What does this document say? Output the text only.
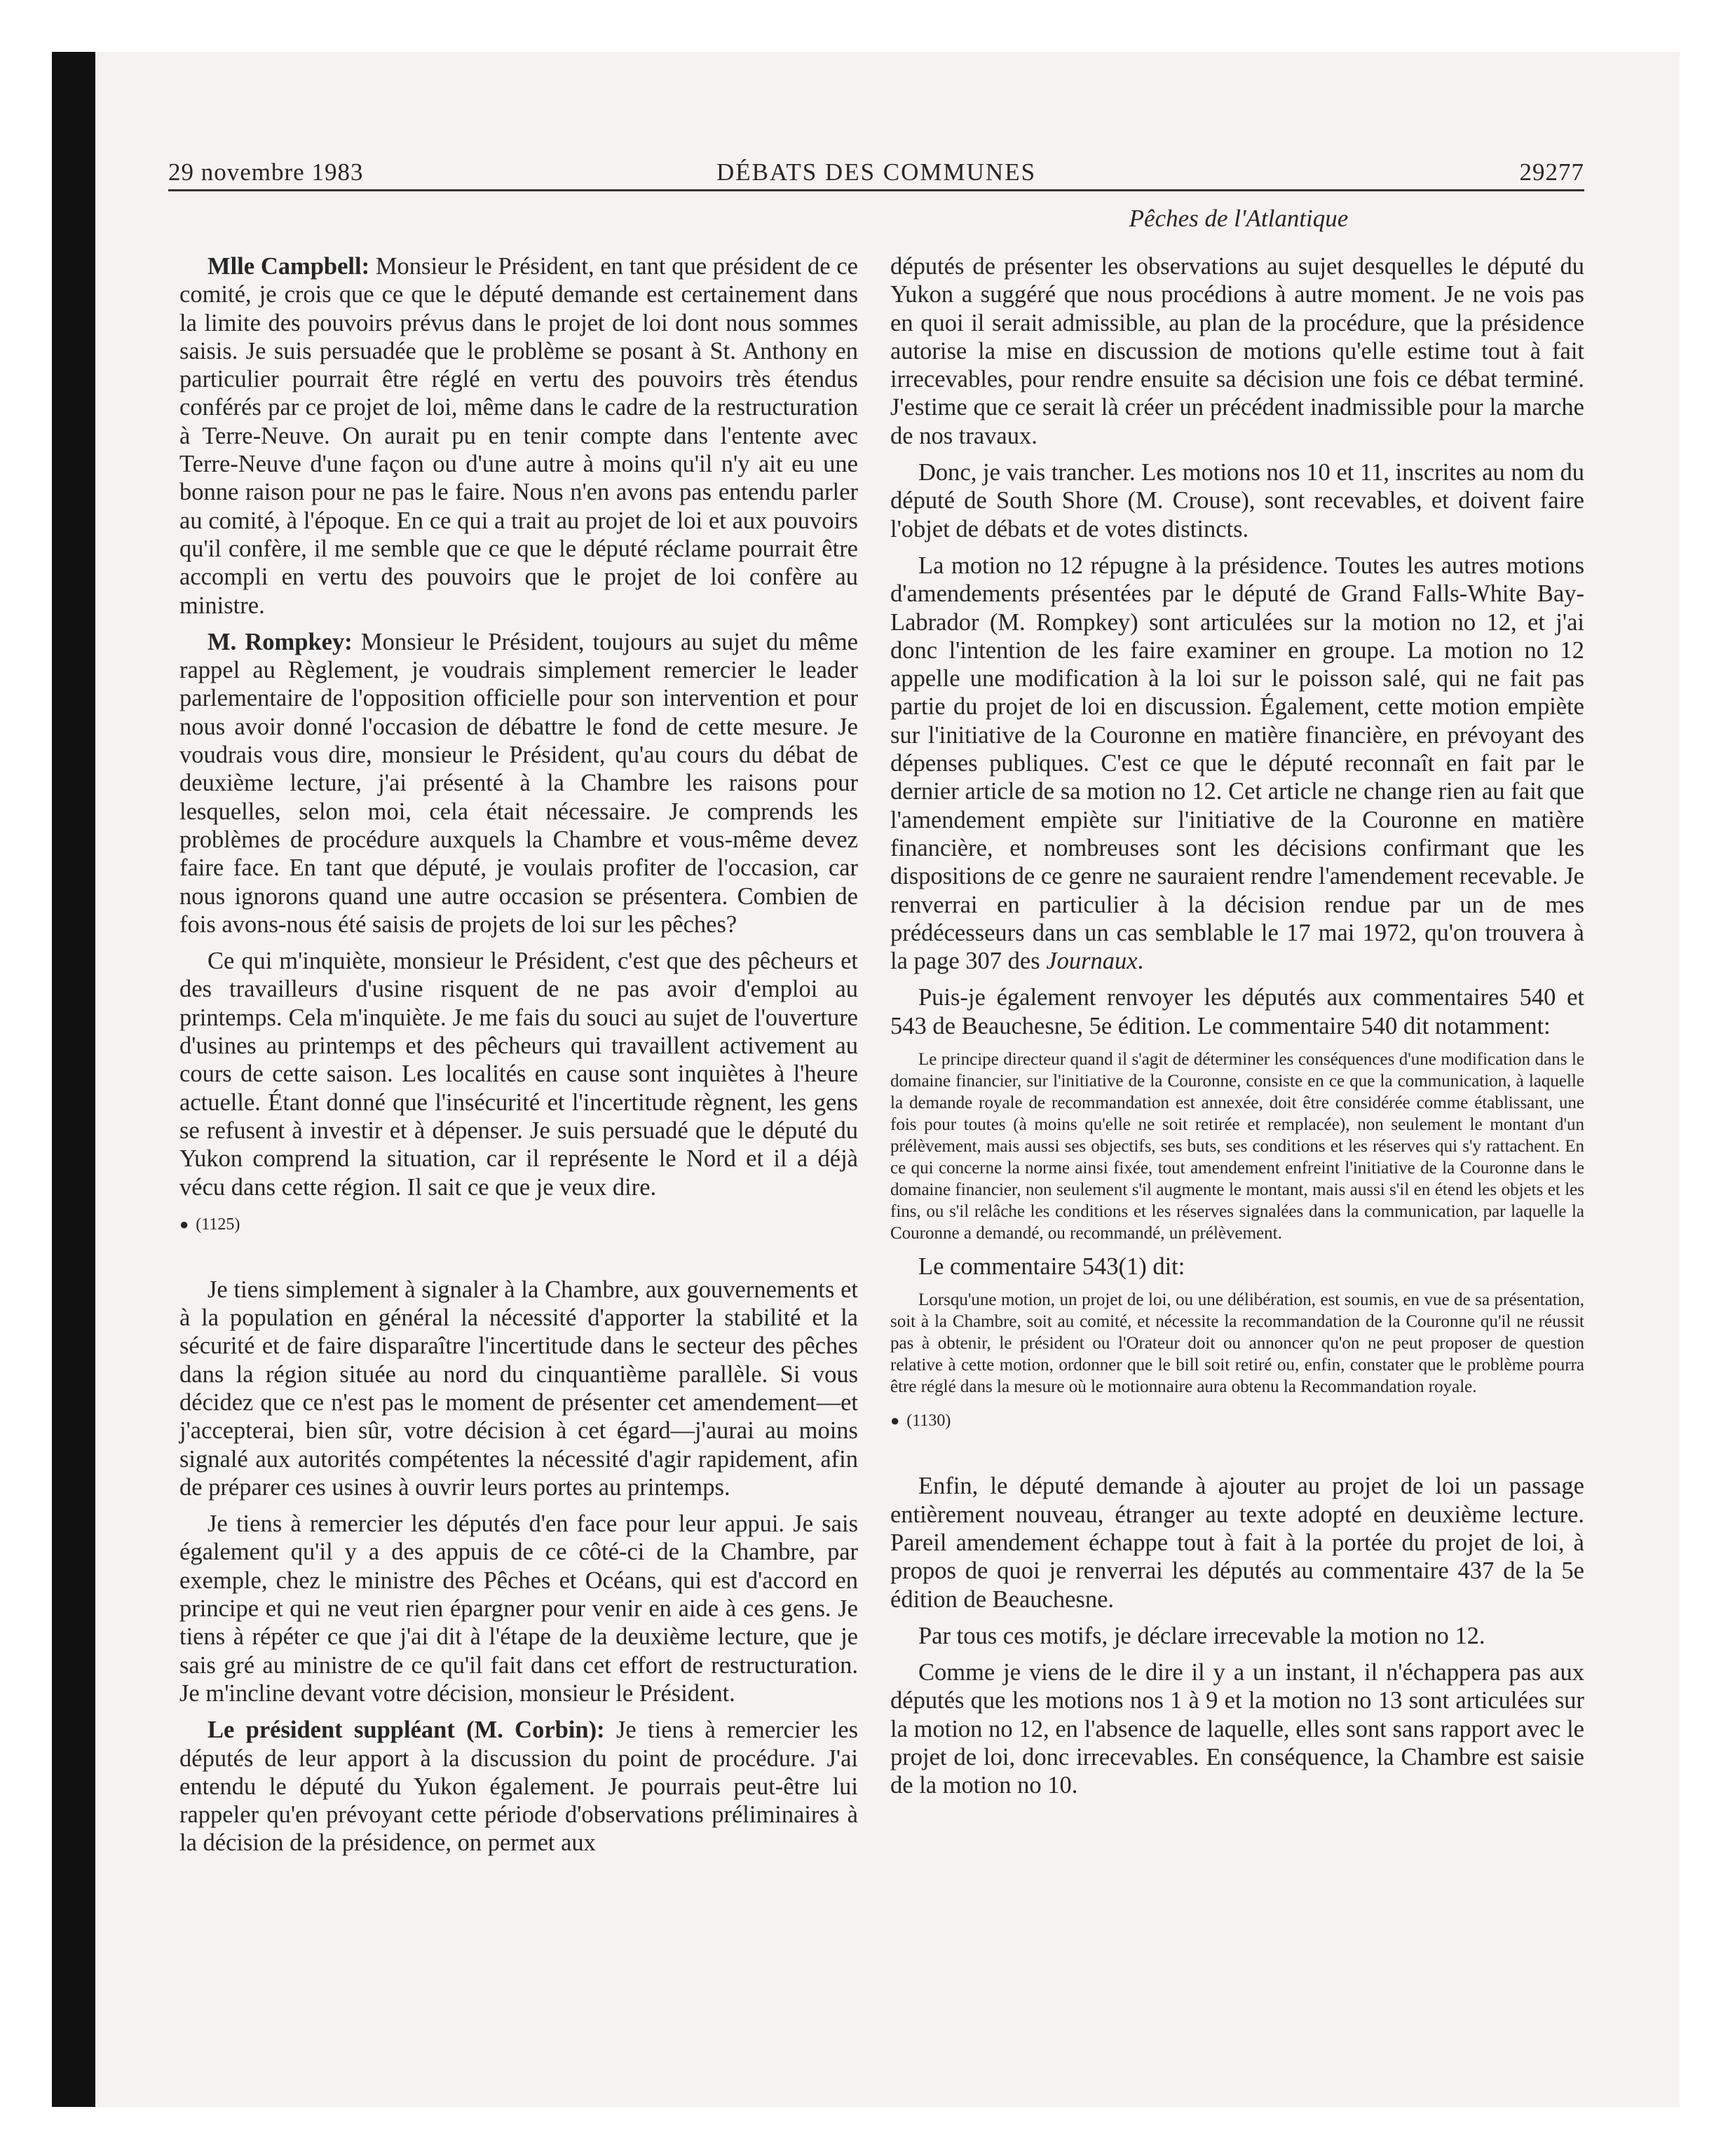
29 novembre 1983	DÉBATS DES COMMUNES	29277
Pêches de l'Atlantique

Mlle Campbell: Monsieur le Président, en tant que président de ce comité, je crois que ce que le député demande est certainement dans la limite des pouvoirs prévus dans le projet de loi dont nous sommes saisis. Je suis persuadée que le problème se posant à St. Anthony en particulier pourrait être réglé en vertu des pouvoirs très étendus conférés par ce projet de loi, même dans le cadre de la restructuration à Terre-Neuve. On aurait pu en tenir compte dans l'entente avec Terre-Neuve d'une façon ou d'une autre à moins qu'il n'y ait eu une bonne raison pour ne pas le faire. Nous n'en avons pas entendu parler au comité, à l'époque. En ce qui a trait au projet de loi et aux pouvoirs qu'il confère, il me semble que ce que le député réclame pourrait être accompli en vertu des pouvoirs que le projet de loi confère au ministre.

M. Rompkey: Monsieur le Président, toujours au sujet du même rappel au Règlement, je voudrais simplement remercier le leader parlementaire de l'opposition officielle pour son intervention et pour nous avoir donné l'occasion de débattre le fond de cette mesure. Je voudrais vous dire, monsieur le Président, qu'au cours du débat de deuxième lecture, j'ai présenté à la Chambre les raisons pour lesquelles, selon moi, cela était nécessaire. Je comprends les problèmes de procédure auxquels la Chambre et vous-même devez faire face. En tant que député, je voulais profiter de l'occasion, car nous ignorons quand une autre occasion se présentera. Combien de fois avons-nous été saisis de projets de loi sur les pêches?

Ce qui m'inquiète, monsieur le Président, c'est que des pêcheurs et des travailleurs d'usine risquent de ne pas avoir d'emploi au printemps. Cela m'inquiète. Je me fais du souci au sujet de l'ouverture d'usines au printemps et des pêcheurs qui travaillent activement au cours de cette saison. Les localités en cause sont inquiètes à l'heure actuelle. Étant donné que l'insécurité et l'incertitude règnent, les gens se refusent à investir et à dépenser. Je suis persuadé que le député du Yukon comprend la situation, car il représente le Nord et il a déjà vécu dans cette région. Il sait ce que je veux dire.

● (1125)

Je tiens simplement à signaler à la Chambre, aux gouvernements et à la population en général la nécessité d'apporter la stabilité et la sécurité et de faire disparaître l'incertitude dans le secteur des pêches dans la région située au nord du cinquantième parallèle. Si vous décidez que ce n'est pas le moment de présenter cet amendement—et j'accepterai, bien sûr, votre décision à cet égard—j'aurai au moins signalé aux autorités compétentes la nécessité d'agir rapidement, afin de préparer ces usines à ouvrir leurs portes au printemps.

Je tiens à remercier les députés d'en face pour leur appui. Je sais également qu'il y a des appuis de ce côté-ci de la Chambre, par exemple, chez le ministre des Pêches et Océans, qui est d'accord en principe et qui ne veut rien épargner pour venir en aide à ces gens. Je tiens à répéter ce que j'ai dit à l'étape de la deuxième lecture, que je sais gré au ministre de ce qu'il fait dans cet effort de restructuration. Je m'incline devant votre décision, monsieur le Président.

Le président suppléant (M. Corbin): Je tiens à remercier les députés de leur apport à la discussion du point de procédure. J'ai entendu le député du Yukon également. Je pourrais peut-être lui rappeler qu'en prévoyant cette période d'observations préliminaires à la décision de la présidence, on permet aux

députés de présenter les observations au sujet desquelles le député du Yukon a suggéré que nous procédions à autre moment. Je ne vois pas en quoi il serait admissible, au plan de la procédure, que la présidence autorise la mise en discussion de motions qu'elle estime tout à fait irrecevables, pour rendre ensuite sa décision une fois ce débat terminé. J'estime que ce serait là créer un précédent inadmissible pour la marche de nos travaux.

Donc, je vais trancher. Les motions nos 10 et 11, inscrites au nom du député de South Shore (M. Crouse), sont recevables, et doivent faire l'objet de débats et de votes distincts.

La motion no 12 répugne à la présidence. Toutes les autres motions d'amendements présentées par le député de Grand Falls-White Bay-Labrador (M. Rompkey) sont articulées sur la motion no 12, et j'ai donc l'intention de les faire examiner en groupe. La motion no 12 appelle une modification à la loi sur le poisson salé, qui ne fait pas partie du projet de loi en discussion. Également, cette motion empiète sur l'initiative de la Couronne en matière financière, en prévoyant des dépenses publiques. C'est ce que le député reconnaît en fait par le dernier article de sa motion no 12. Cet article ne change rien au fait que l'amendement empiète sur l'initiative de la Couronne en matière financière, et nombreuses sont les décisions confirmant que les dispositions de ce genre ne sauraient rendre l'amendement recevable. Je renverrai en particulier à la décision rendue par un de mes prédécesseurs dans un cas semblable le 17 mai 1972, qu'on trouvera à la page 307 des Journaux.

Puis-je également renvoyer les députés aux commentaires 540 et 543 de Beauchesne, 5e édition. Le commentaire 540 dit notamment:

Le principe directeur quand il s'agit de déterminer les conséquences d'une modification dans le domaine financier, sur l'initiative de la Couronne, consiste en ce que la communication, à laquelle la demande royale de recommandation est annexée, doit être considérée comme établissant, une fois pour toutes (à moins qu'elle ne soit retirée et remplacée), non seulement le montant d'un prélèvement, mais aussi ses objectifs, ses buts, ses conditions et les réserves qui s'y rattachent. En ce qui concerne la norme ainsi fixée, tout amendement enfreint l'initiative de la Couronne dans le domaine financier, non seulement s'il augmente le montant, mais aussi s'il en étend les objets et les fins, ou s'il relâche les conditions et les réserves signalées dans la communication, par laquelle la Couronne a demandé, ou recommandé, un prélèvement.

Le commentaire 543(1) dit:

Lorsqu'une motion, un projet de loi, ou une délibération, est soumis, en vue de sa présentation, soit à la Chambre, soit au comité, et nécessite la recommandation de la Couronne qu'il ne réussit pas à obtenir, le président ou l'Orateur doit ou annoncer qu'on ne peut proposer de question relative à cette motion, ordonner que le bill soit retiré ou, enfin, constater que le problème pourra être réglé dans la mesure où le motionnaire aura obtenu la Recommandation royale.

● (1130)

Enfin, le député demande à ajouter au projet de loi un passage entièrement nouveau, étranger au texte adopté en deuxième lecture. Pareil amendement échappe tout à fait à la portée du projet de loi, à propos de quoi je renverrai les députés au commentaire 437 de la 5e édition de Beauchesne.

Par tous ces motifs, je déclare irrecevable la motion no 12.

Comme je viens de le dire il y a un instant, il n'échappera pas aux députés que les motions nos 1 à 9 et la motion no 13 sont articulées sur la motion no 12, en l'absence de laquelle, elles sont sans rapport avec le projet de loi, donc irrecevables. En conséquence, la Chambre est saisie de la motion no 10.
